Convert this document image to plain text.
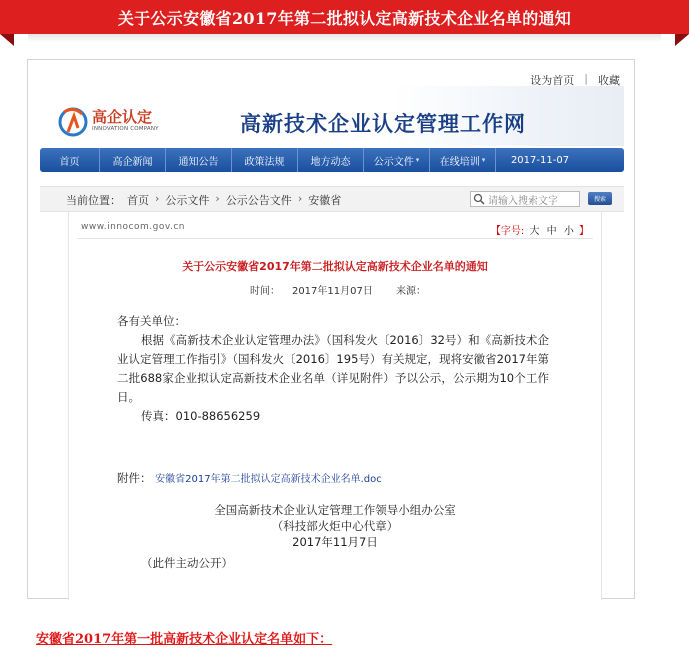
关于公示安徽省2017年第二批拟认定高新技术企业名单的通知
设为首页 | 收藏
高企认定
INNOVATION COMPANY	高新技术企业认定管理工作网
首页	高企新闻	通知公告	政策法规	地方动态 公示文件 ▾ 在线培训 ▾	2017-11-07
当前位置： 首页 › 公示文件 › 公示公告文件 › 安徽省	请输入搜索文字	搜索
www.innocom.gov.cn	【字号: 大 中 小 】
关于公示安徽省2017年第二批拟认定高新技术企业名单的通知
时间： 2017年11月07日 来源：
各有关单位：
根据《高新技术企业认定管理办法》（国科发火〔2016〕32号）和《高新技术企业认定管理工作指引》（国科发火〔2016〕195号）有关规定，现将安徽省2017年第二批688家企业拟认定高新技术企业名单（详见附件）予以公示，公示期为10个工作日。
传真：010-88656259
附件： 安徽省2017年第二批拟认定高新技术企业名单.doc
全国高新技术企业认定管理工作领导小组办公室
（科技部火炬中心代章）
2017年11月7日
（此件主动公开）
安徽省2017年第一批高新技术企业认定名单如下：
